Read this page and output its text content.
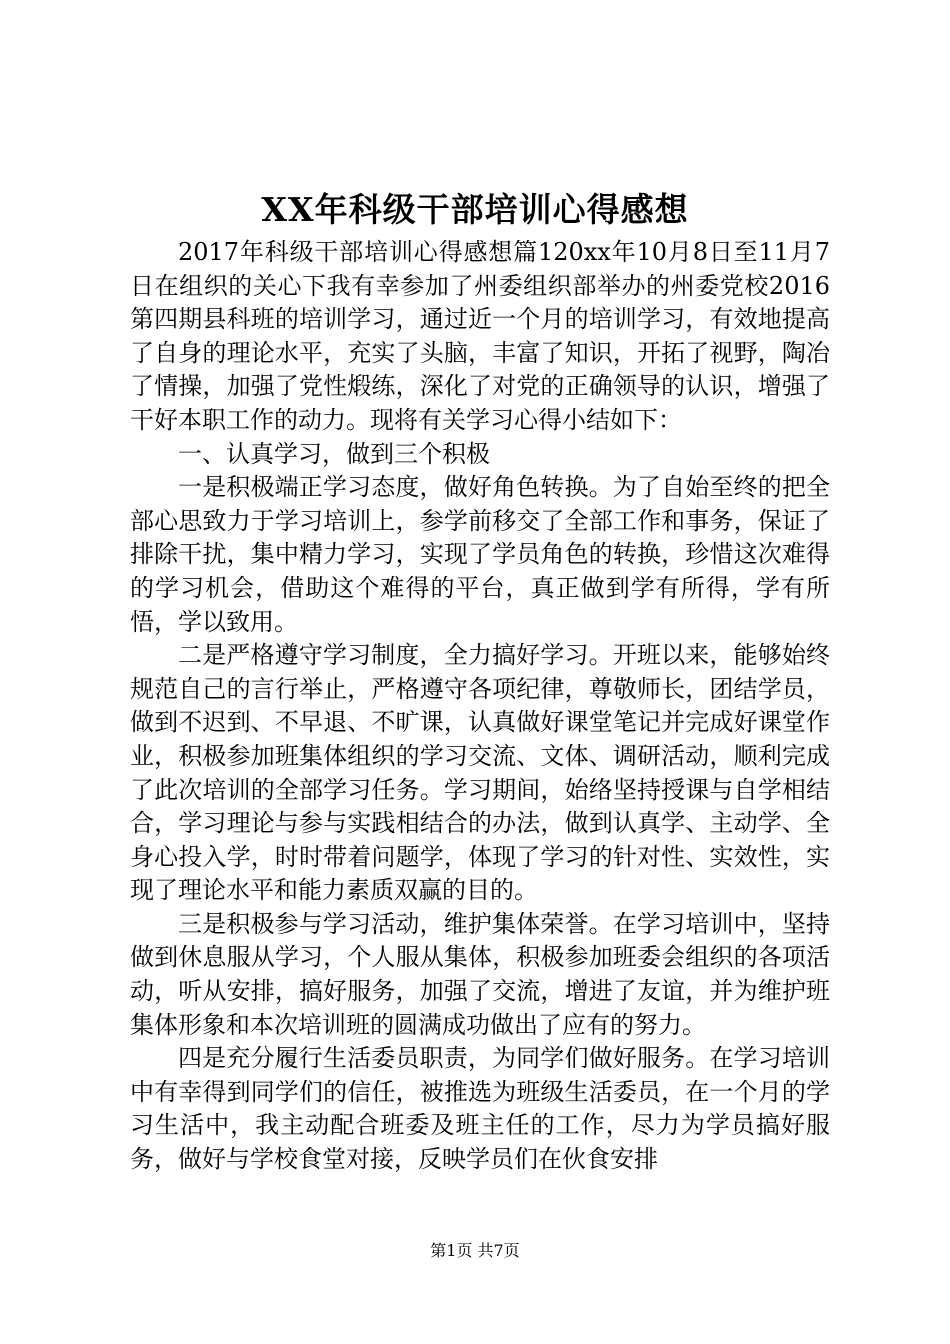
XX年科级干部培训心得感想

2017年科级干部培训心得感想篇120xx年10月8日至11月7日在组织的关心下我有幸参加了州委组织部举办的州委党校2016第四期县科班的培训学习，通过近一个月的培训学习，有效地提高了自身的理论水平，充实了头脑，丰富了知识，开拓了视野，陶冶了情操，加强了党性煅练，深化了对党的正确领导的认识，增强了干好本职工作的动力。现将有关学习心得小结如下：

一、认真学习，做到三个积极

一是积极端正学习态度，做好角色转换。为了自始至终的把全部心思致力于学习培训上，参学前移交了全部工作和事务，保证了排除干扰，集中精力学习，实现了学员角色的转换，珍惜这次难得的学习机会，借助这个难得的平台，真正做到学有所得，学有所悟，学以致用。

二是严格遵守学习制度，全力搞好学习。开班以来，能够始终规范自己的言行举止，严格遵守各项纪律，尊敬师长，团结学员，做到不迟到、不早退、不旷课，认真做好课堂笔记并完成好课堂作业，积极参加班集体组织的学习交流、文体、调研活动，顺利完成了此次培训的全部学习任务。学习期间，始络坚持授课与自学相结合，学习理论与参与实践相结合的办法，做到认真学、主动学、全身心投入学，时时带着问题学，体现了学习的针对性、实效性，实现了理论水平和能力素质双赢的目的。

三是积极参与学习活动，维护集体荣誉。在学习培训中，坚持做到休息服从学习，个人服从集体，积极参加班委会组织的各项活动，听从安排，搞好服务，加强了交流，增进了友谊，并为维护班集体形象和本次培训班的圆满成功做出了应有的努力。

四是充分履行生活委员职责，为同学们做好服务。在学习培训中有幸得到同学们的信任，被推选为班级生活委员，在一个月的学习生活中，我主动配合班委及班主任的工作，尽力为学员搞好服务，做好与学校食堂对接，反映学员们在伙食安排

第1页 共7页
